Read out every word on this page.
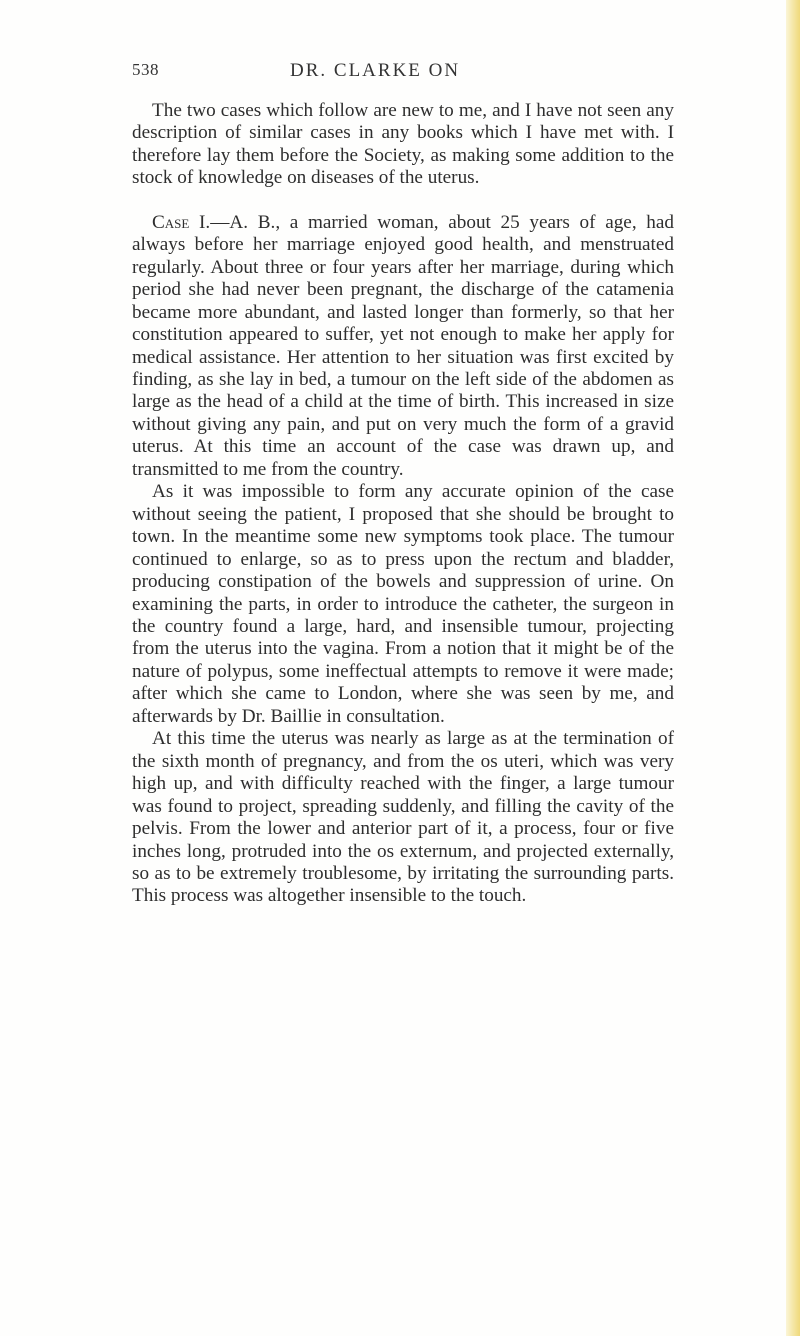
538	DR. CLARKE ON

The two cases which follow are new to me, and I have not seen any description of similar cases in any books which I have met with. I therefore lay them before the Society, as making some addition to the stock of knowledge on diseases of the uterus.

Case I.—A. B., a married woman, about 25 years of age, had always before her marriage enjoyed good health, and menstruated regularly. About three or four years after her marriage, during which period she had never been pregnant, the discharge of the catamenia became more abundant, and lasted longer than formerly, so that her constitution appeared to suffer, yet not enough to make her apply for medical assistance. Her attention to her situation was first excited by finding, as she lay in bed, a tumour on the left side of the abdomen as large as the head of a child at the time of birth. This increased in size without giving any pain, and put on very much the form of a gravid uterus. At this time an account of the case was drawn up, and transmitted to me from the country.

As it was impossible to form any accurate opinion of the case without seeing the patient, I proposed that she should be brought to town. In the meantime some new symptoms took place. The tumour continued to enlarge, so as to press upon the rectum and bladder, producing constipation of the bowels and suppression of urine. On examining the parts, in order to introduce the catheter, the surgeon in the country found a large, hard, and insensible tumour, projecting from the uterus into the vagina. From a notion that it might be of the nature of polypus, some ineffectual attempts to remove it were made; after which she came to London, where she was seen by me, and afterwards by Dr. Baillie in consultation.

At this time the uterus was nearly as large as at the termination of the sixth month of pregnancy, and from the os uteri, which was very high up, and with difficulty reached with the finger, a large tumour was found to project, spreading suddenly, and filling the cavity of the pelvis. From the lower and anterior part of it, a process, four or five inches long, protruded into the os externum, and projected externally, so as to be extremely troublesome, by irritating the surrounding parts. This process was altogether insensible to the touch.
